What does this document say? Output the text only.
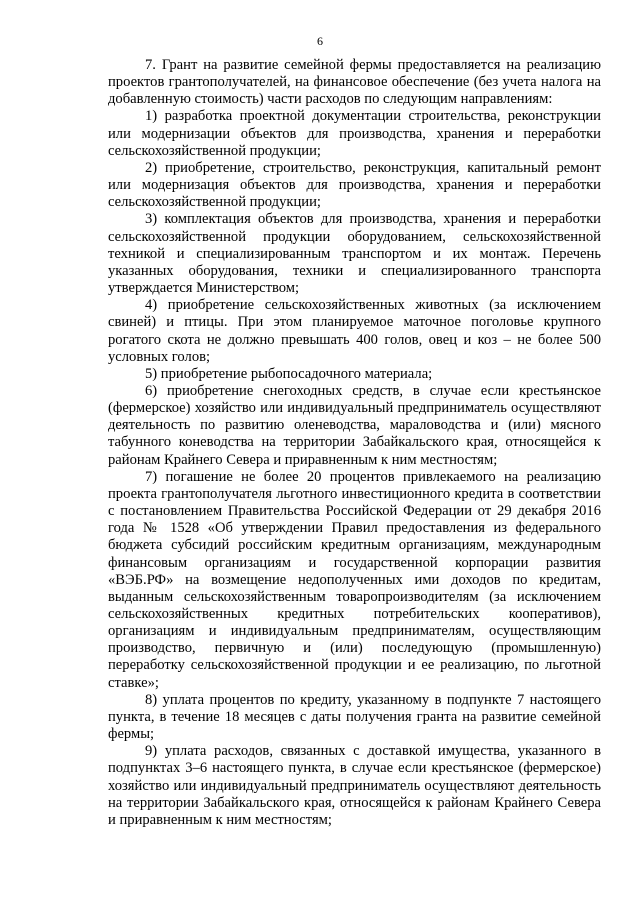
6

7. Грант на развитие семейной фермы предоставляется на реализацию проектов грантополучателей, на финансовое обеспечение (без учета налога на добавленную стоимость) части расходов по следующим направлениям:

1) разработка проектной документации строительства, реконструкции или модернизации объектов для производства, хранения и переработки сельскохозяйственной продукции;

2) приобретение, строительство, реконструкция, капитальный ремонт или модернизация объектов для производства, хранения и переработки сельскохозяйственной продукции;

3) комплектация объектов для производства, хранения и переработки сельскохозяйственной продукции оборудованием, сельскохозяйственной техникой и специализированным транспортом и их монтаж. Перечень указанных оборудования, техники и специализированного транспорта утверждается Министерством;

4) приобретение сельскохозяйственных животных (за исключением свиней) и птицы. При этом планируемое маточное поголовье крупного рогатого скота не должно превышать 400 голов, овец и коз – не более 500 условных голов;

5) приобретение рыбопосадочного материала;

6) приобретение снегоходных средств, в случае если крестьянское (фермерское) хозяйство или индивидуальный предприниматель осуществляют деятельность по развитию оленеводства, мараловодства и (или) мясного табунного коневодства на территории Забайкальского края, относящейся к районам Крайнего Севера и приравненным к ним местностям;

7) погашение не более 20 процентов привлекаемого на реализацию проекта грантополучателя льготного инвестиционного кредита в соответствии с постановлением Правительства Российской Федерации от 29 декабря 2016 года № 1528 «Об утверждении Правил предоставления из федерального бюджета субсидий российским кредитным организациям, международным финансовым организациям и государственной корпорации развития «ВЭБ.РФ» на возмещение недополученных ими доходов по кредитам, выданным сельскохозяйственным товаропроизводителям (за исключением сельскохозяйственных кредитных потребительских кооперативов), организациям и индивидуальным предпринимателям, осуществляющим производство, первичную и (или) последующую (промышленную) переработку сельскохозяйственной продукции и ее реализацию, по льготной ставке»;

8) уплата процентов по кредиту, указанному в подпункте 7 настоящего пункта, в течение 18 месяцев с даты получения гранта на развитие семейной фермы;

9) уплата расходов, связанных с доставкой имущества, указанного в подпунктах 3–6 настоящего пункта, в случае если крестьянское (фермерское) хозяйство или индивидуальный предприниматель осуществляют деятельность на территории Забайкальского края, относящейся к районам Крайнего Севера и приравненным к ним местностям;
